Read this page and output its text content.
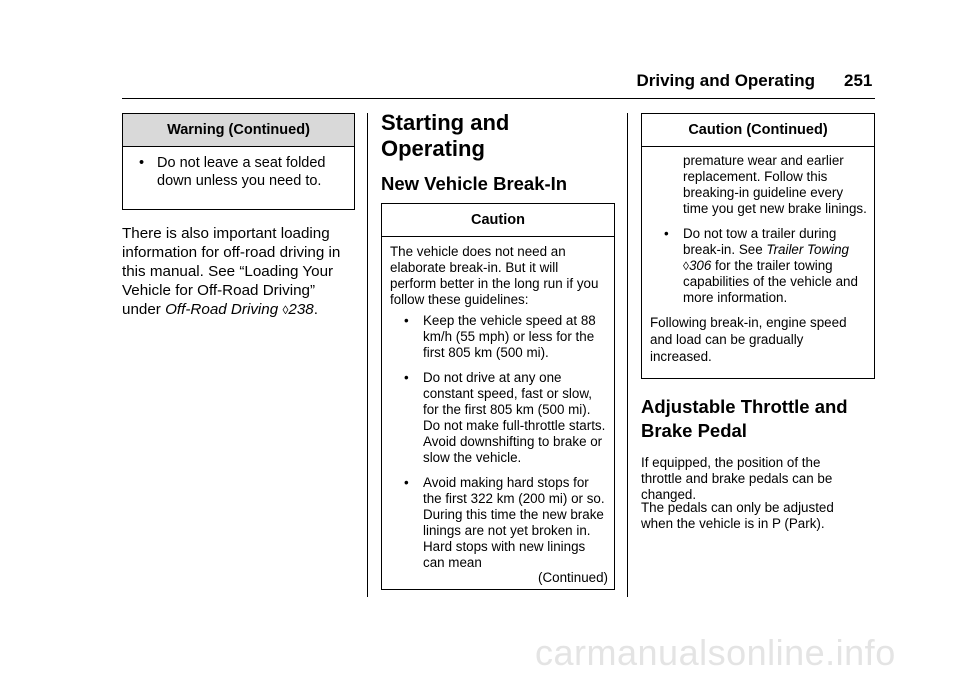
Driving and Operating 251
Warning (Continued)
• Do not leave a seat folded down unless you need to.
There is also important loading information for off-road driving in this manual. See “Loading Your Vehicle for Off-Road Driving” under Off-Road Driving ◊238.
Starting and Operating
New Vehicle Break-In
Caution
The vehicle does not need an elaborate break-in. But it will perform better in the long run if you follow these guidelines:
• Keep the vehicle speed at 88 km/h (55 mph) or less for the first 805 km (500 mi).
• Do not drive at any one constant speed, fast or slow, for the first 805 km (500 mi). Do not make full-throttle starts. Avoid downshifting to brake or slow the vehicle.
• Avoid making hard stops for the first 322 km (200 mi) or so. During this time the new brake linings are not yet broken in. Hard stops with new linings can mean
(Continued)
Caution (Continued)
premature wear and earlier replacement. Follow this breaking-in guideline every time you get new brake linings.
• Do not tow a trailer during break-in. See Trailer Towing ◊306 for the trailer towing capabilities of the vehicle and more information.
Following break-in, engine speed and load can be gradually increased.
Adjustable Throttle and Brake Pedal
If equipped, the position of the throttle and brake pedals can be changed.
The pedals can only be adjusted when the vehicle is in P (Park).
carmanualsonline.info
